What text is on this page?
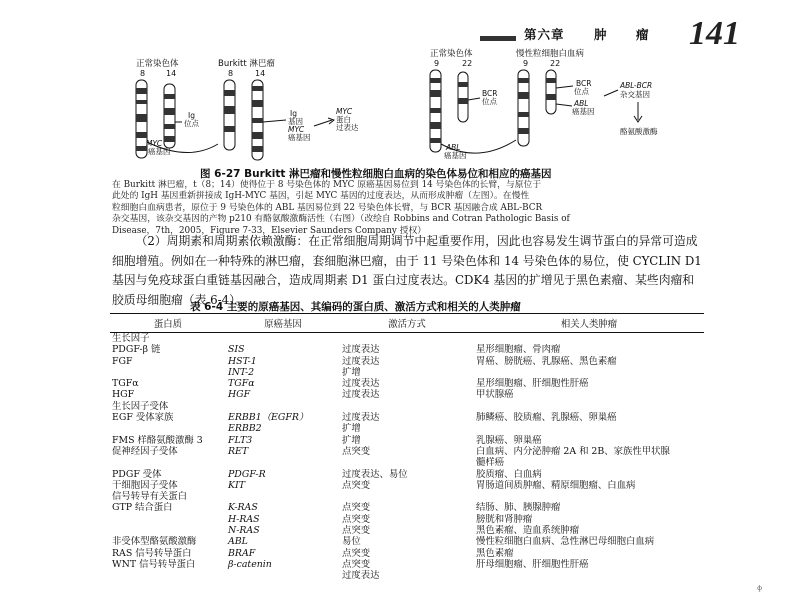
第六章 肿 瘤 141
正常染色体
8	14
Burkitt 淋巴瘤
8	14
Ig
位点
MYC
癌基因
Ig
基因
MYC
癌基因
MYC
蛋白
过表达
正常染色体
9	22
慢性粒细胞白血病
9	22
BCR
位点
ABL
癌基因
BCR
位点
ABL
癌基因
ABL-BCR
杂交基因
酪氨酸激酶
图 6-27 Burkitt 淋巴瘤和慢性粒细胞白血病的染色体易位和相应的癌基因
在 Burkitt 淋巴瘤，t（8；14）使得位于 8 号染色体的 MYC 原癌基因易位到 14 号染色体的长臂，与原位于
此处的 IgH 基因重新拼接成 IgH-MYC 基因，引起 MYC 基因的过度表达，从而形成肿瘤（左图）。在慢性
粒细胞白血病患者，原位于 9 号染色体的 ABL 基因易位到 22 号染色体长臂，与 BCR 基因融合成 ABL-BCR
杂交基因，该杂交基因的产物 p210 有酪氨酸激酶活性（右图）（改绘自 Robbins and Cotran Pathologic Basis of
Disease，7th，2005，Figure 7-33，Elsevier Saunders Company 授权）
（2）周期素和周期素依赖激酶：在正常细胞周期调节中起重要作用，因此也容易发生调节蛋白的异常可造成细胞增殖。例如在一种特殊的淋巴瘤，套细胞淋巴瘤，由于 11 号染色体和 14 号染色体的易位，使 CYCLIN D1 基因与免疫球蛋白重链基因融合，造成周期素 D1 蛋白过度表达。CDK4 基因的扩增见于黑色素瘤、某些肉瘤和胶质母细胞瘤（表 6-4）。
表 6-4 主要的原癌基因、其编码的蛋白质、激活方式和相关的人类肿瘤
蛋白质	原癌基因	激活方式	相关人类肿瘤
生长因子			
PDGF-β 链	SIS	过度表达	星形细胞瘤、骨肉瘤
FGF	HST-1	过度表达	胃癌、膀胱癌、乳腺癌、黑色素瘤
	INT-2	扩增	
TGFα	TGFα	过度表达	星形细胞瘤、肝细胞性肝癌
HGF	HGF	过度表达	甲状腺癌
生长因子受体			
EGF 受体家族	ERBB1（EGFR）	过度表达	肺鳞癌、胶质瘤、乳腺癌、卵巢癌
	ERBB2	扩增	
FMS 样酪氨酸激酶 3	FLT3	扩增	乳腺癌、卵巢癌
促神经因子受体	RET	点突变	白血病、内分泌肿瘤 2A 和 2B、家族性甲状腺
			髓样癌
PDGF 受体	PDGF-R	过度表达、易位	胶质瘤、白血病
干细胞因子受体	KIT	点突变	胃肠道间质肿瘤、精原细胞瘤、白血病
信号转导有关蛋白			
GTP 结合蛋白	K-RAS	点突变	结肠、肺、胰腺肿瘤
	H-RAS	点突变	膀胱和肾肿瘤
	N-RAS	点突变	黑色素瘤、造血系统肿瘤
非受体型酪氨酸激酶	ABL	易位	慢性粒细胞白血病、急性淋巴母细胞白血病
RAS 信号转导蛋白	BRAF	点突变	黑色素瘤
WNT 信号转导蛋白	β-catenin	点突变	肝母细胞瘤、肝细胞性肝癌
		过度表达	
ф
